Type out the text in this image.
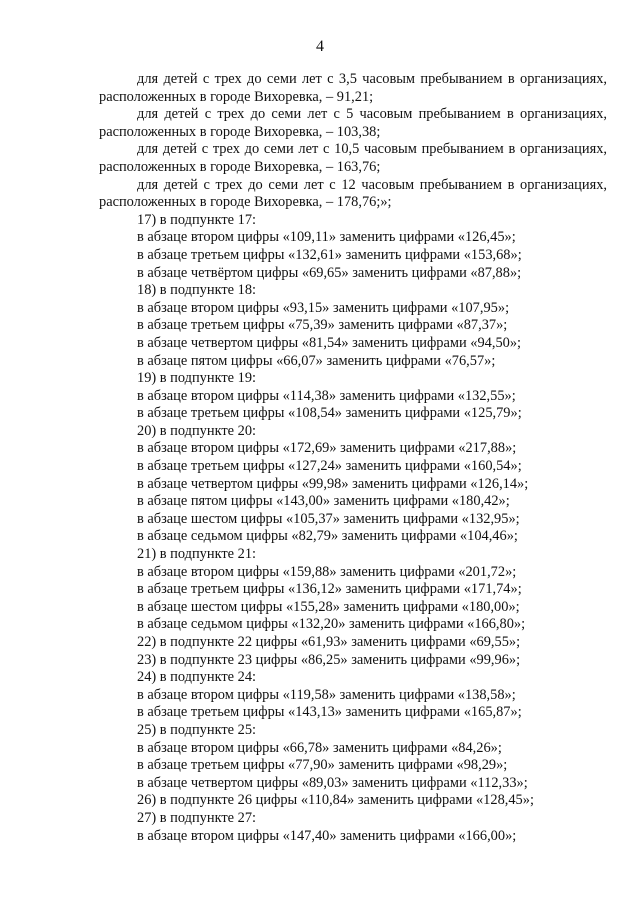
4

для детей с трех до семи лет с 3,5 часовым пребыванием в организациях,
расположенных в городе Вихоревка, – 91,21;

для детей с трех до семи лет с 5 часовым пребыванием в организациях,
расположенных в городе Вихоревка, – 103,38;

для детей с трех до семи лет с 10,5 часовым пребыванием в организациях,
расположенных в городе Вихоревка, – 163,76;

для детей с трех до семи лет с 12 часовым пребыванием в организациях,
расположенных в городе Вихоревка, – 178,76;»;

17) в подпункте 17:

в абзаце втором цифры «109,11» заменить цифрами «126,45»;

в абзаце третьем цифры «132,61» заменить цифрами «153,68»;

в абзаце четвёртом цифры «69,65» заменить цифрами «87,88»;

18) в подпункте 18:

в абзаце втором цифры «93,15» заменить цифрами «107,95»;

в абзаце третьем цифры «75,39» заменить цифрами «87,37»;

в абзаце четвертом цифры «81,54» заменить цифрами «94,50»;

в абзаце пятом цифры «66,07» заменить цифрами «76,57»;

19) в подпункте 19:

в абзаце втором цифры «114,38» заменить цифрами «132,55»;

в абзаце третьем цифры «108,54» заменить цифрами «125,79»;

20) в подпункте 20:

в абзаце втором цифры «172,69» заменить цифрами «217,88»;

в абзаце третьем цифры «127,24» заменить цифрами «160,54»;

в абзаце четвертом цифры «99,98» заменить цифрами «126,14»;

в абзаце пятом цифры «143,00» заменить цифрами «180,42»;

в абзаце шестом цифры «105,37» заменить цифрами «132,95»;

в абзаце седьмом цифры «82,79» заменить цифрами «104,46»;

21) в подпункте 21:

в абзаце втором цифры «159,88» заменить цифрами «201,72»;

в абзаце третьем цифры «136,12» заменить цифрами «171,74»;

в абзаце шестом цифры «155,28» заменить цифрами «180,00»;

в абзаце седьмом цифры «132,20» заменить цифрами «166,80»;

22) в подпункте 22 цифры «61,93» заменить цифрами «69,55»;

23) в подпункте 23 цифры «86,25» заменить цифрами «99,96»;

24) в подпункте 24:

в абзаце втором цифры «119,58» заменить цифрами «138,58»;

в абзаце третьем цифры «143,13» заменить цифрами «165,87»;

25) в подпункте 25:

в абзаце втором цифры «66,78» заменить цифрами «84,26»;

в абзаце третьем цифры «77,90» заменить цифрами «98,29»;

в абзаце четвертом цифры «89,03» заменить цифрами «112,33»;

26) в подпункте 26 цифры «110,84» заменить цифрами «128,45»;

27) в подпункте 27:

в абзаце втором цифры «147,40» заменить цифрами «166,00»;
